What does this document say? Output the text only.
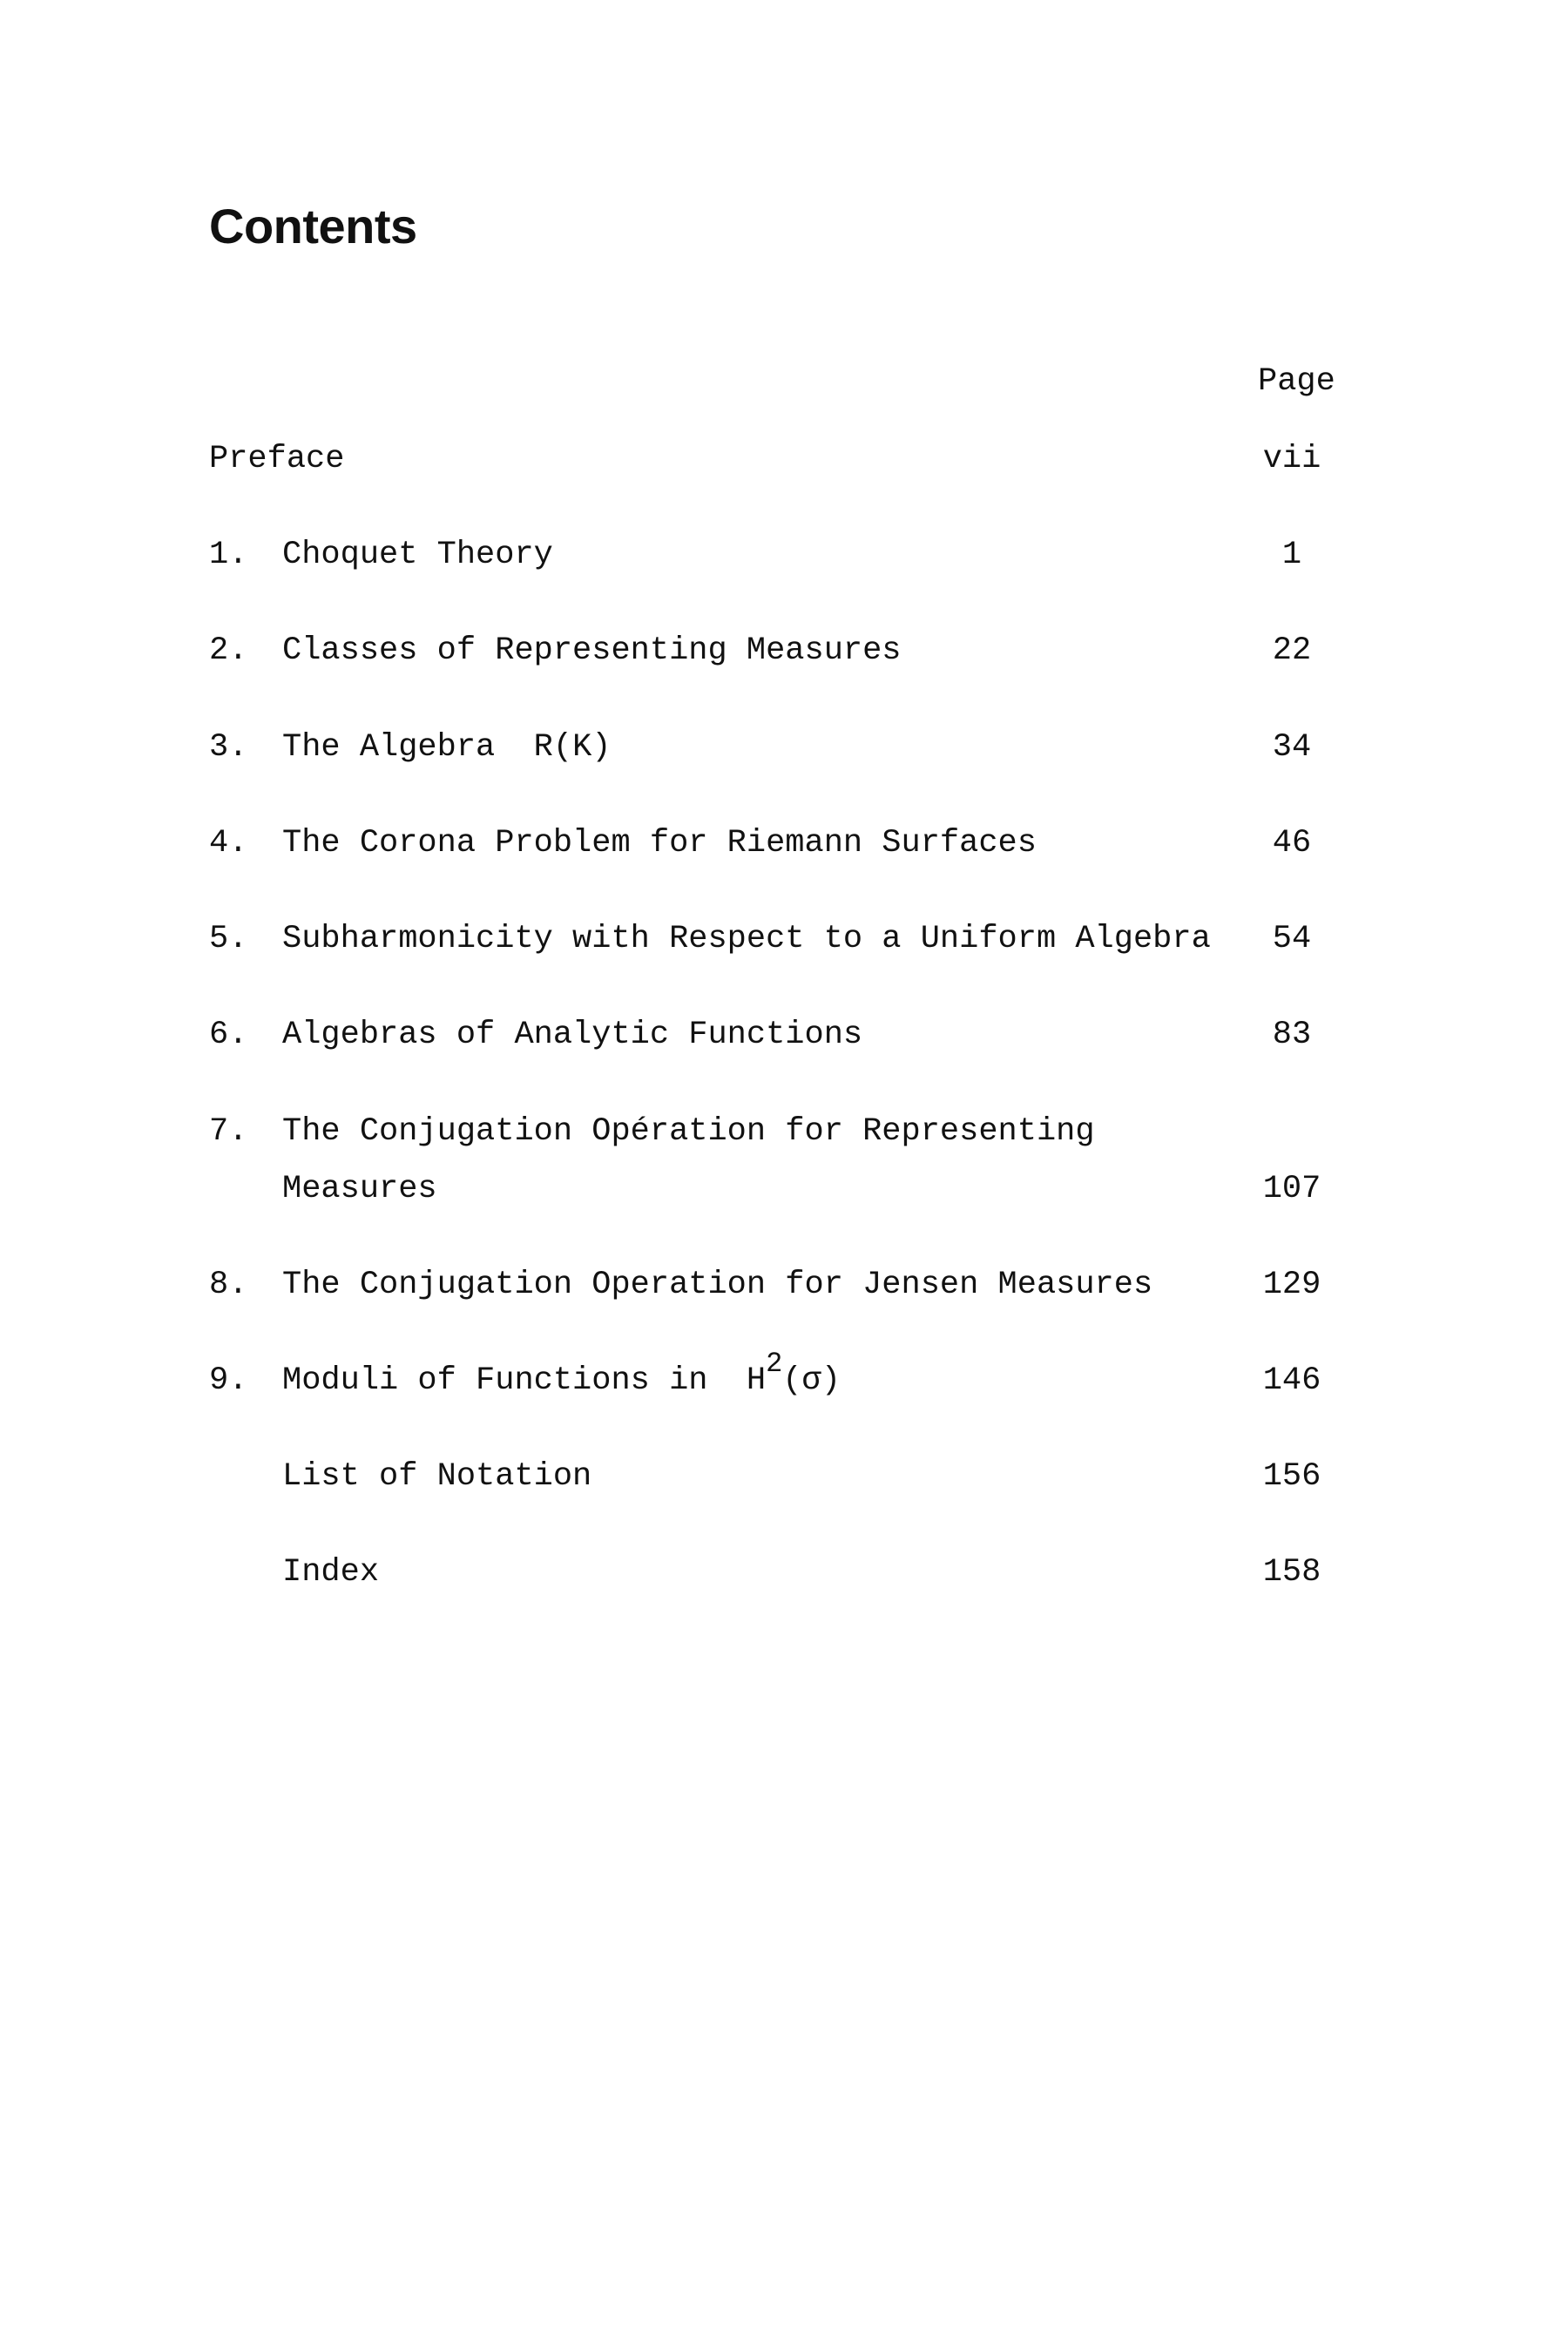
Contents
Page
Preface	vii
1. Choquet Theory	1
2. Classes of Representing Measures	22
3. The Algebra R(K)	34
4. The Corona Problem for Riemann Surfaces	46
5. Subharmonicity with Respect to a Uniform Algebra	54
6. Algebras of Analytic Functions	83
7. The Conjugation Opération for Representing
Measures	107
8. The Conjugation Operation for Jensen Measures	129
9. Moduli of Functions in H2(σ)	146
List of Notation	156
Index	158
